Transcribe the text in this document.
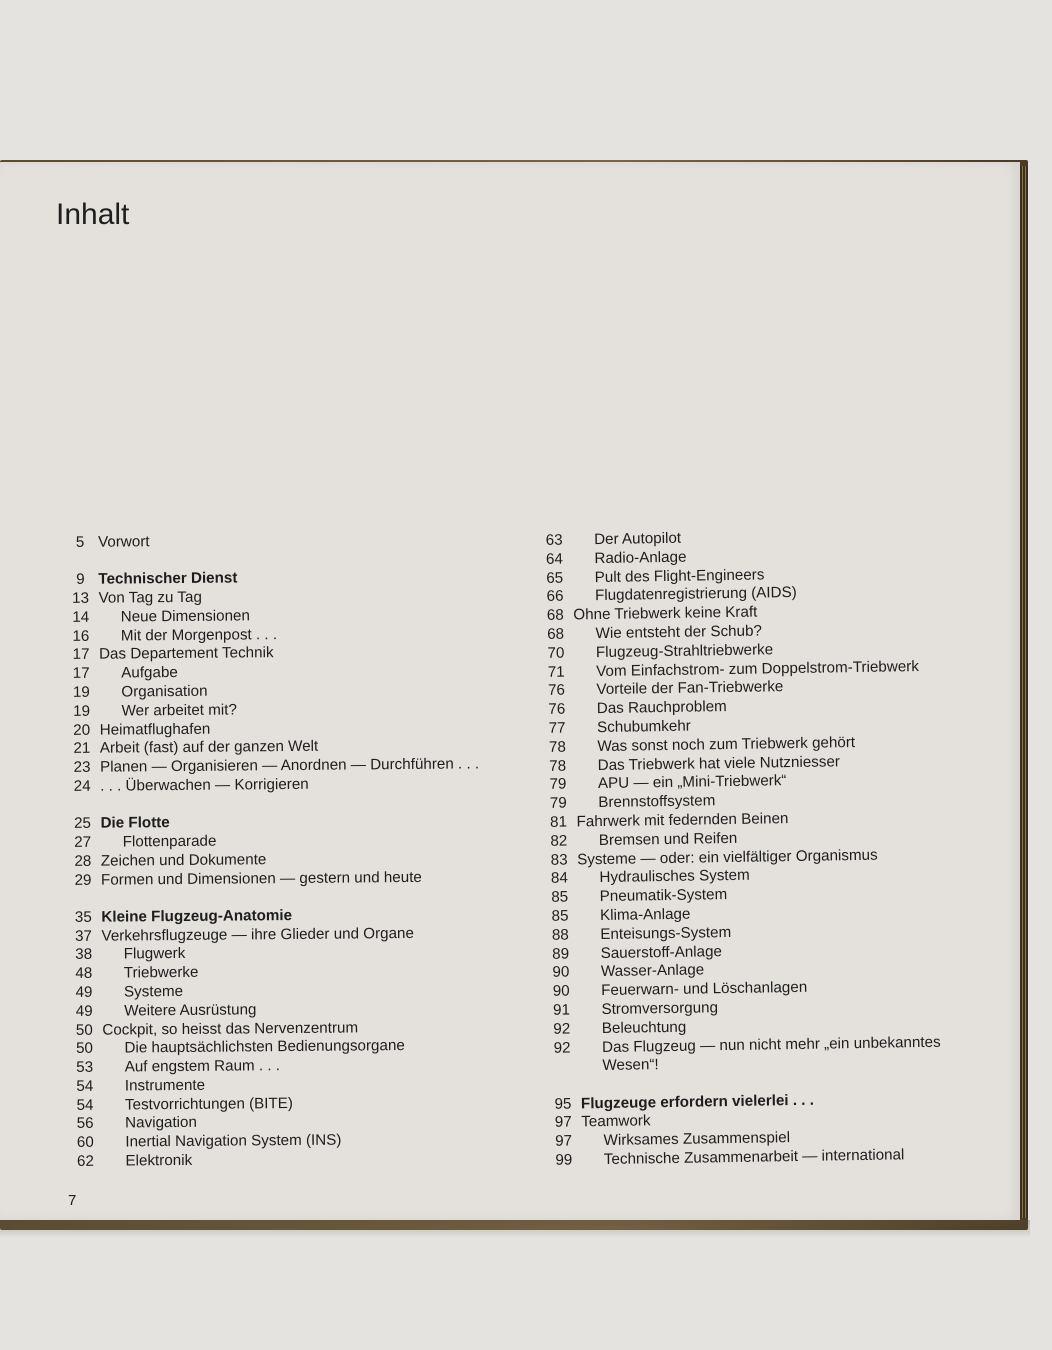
Inhalt
5 Vorwort
9 Technischer Dienst
13 Von Tag zu Tag
14	Neue Dimensionen
16	Mit der Morgenpost . . .
17 Das Departement Technik
17	Aufgabe
19	Organisation
19	Wer arbeitet mit?
20 Heimatflughafen
21 Arbeit (fast) auf der ganzen Welt
23 Planen — Organisieren — Anordnen — Durchführen . . .
24 . . . Überwachen — Korrigieren
25 Die Flotte
27	Flottenparade
28 Zeichen und Dokumente
29 Formen und Dimensionen — gestern und heute
35 Kleine Flugzeug-Anatomie
37 Verkehrsflugzeuge — ihre Glieder und Organe
38	Flugwerk
48	Triebwerke
49	Systeme
49	Weitere Ausrüstung
50 Cockpit, so heisst das Nervenzentrum
50	Die hauptsächlichsten Bedienungsorgane
53	Auf engstem Raum . . .
54	Instrumente
54	Testvorrichtungen (BITE)
56	Navigation
60	Inertial Navigation System (INS)
62	Elektronik
63	Der Autopilot
64	Radio-Anlage
65	Pult des Flight-Engineers
66	Flugdatenregistrierung (AIDS)
68 Ohne Triebwerk keine Kraft
68	Wie entsteht der Schub?
70	Flugzeug-Strahltriebwerke
71	Vom Einfachstrom- zum Doppelstrom-Triebwerk
76	Vorteile der Fan-Triebwerke
76	Das Rauchproblem
77	Schubumkehr
78	Was sonst noch zum Triebwerk gehört
78	Das Triebwerk hat viele Nutzniesser
79	APU — ein „Mini-Triebwerk“
79	Brennstoffsystem
81 Fahrwerk mit federnden Beinen
82	Bremsen und Reifen
83 Systeme — oder: ein vielfältiger Organismus
84	Hydraulisches System
85	Pneumatik-System
85	Klima-Anlage
88	Enteisungs-System
89	Sauerstoff-Anlage
90	Wasser-Anlage
90	Feuerwarn- und Löschanlagen
91	Stromversorgung
92	Beleuchtung
92	Das Flugzeug — nun nicht mehr „ein unbekanntes Wesen“!
95 Flugzeuge erfordern vielerlei . . .
97 Teamwork
97	Wirksames Zusammenspiel
99	Technische Zusammenarbeit — international

7
